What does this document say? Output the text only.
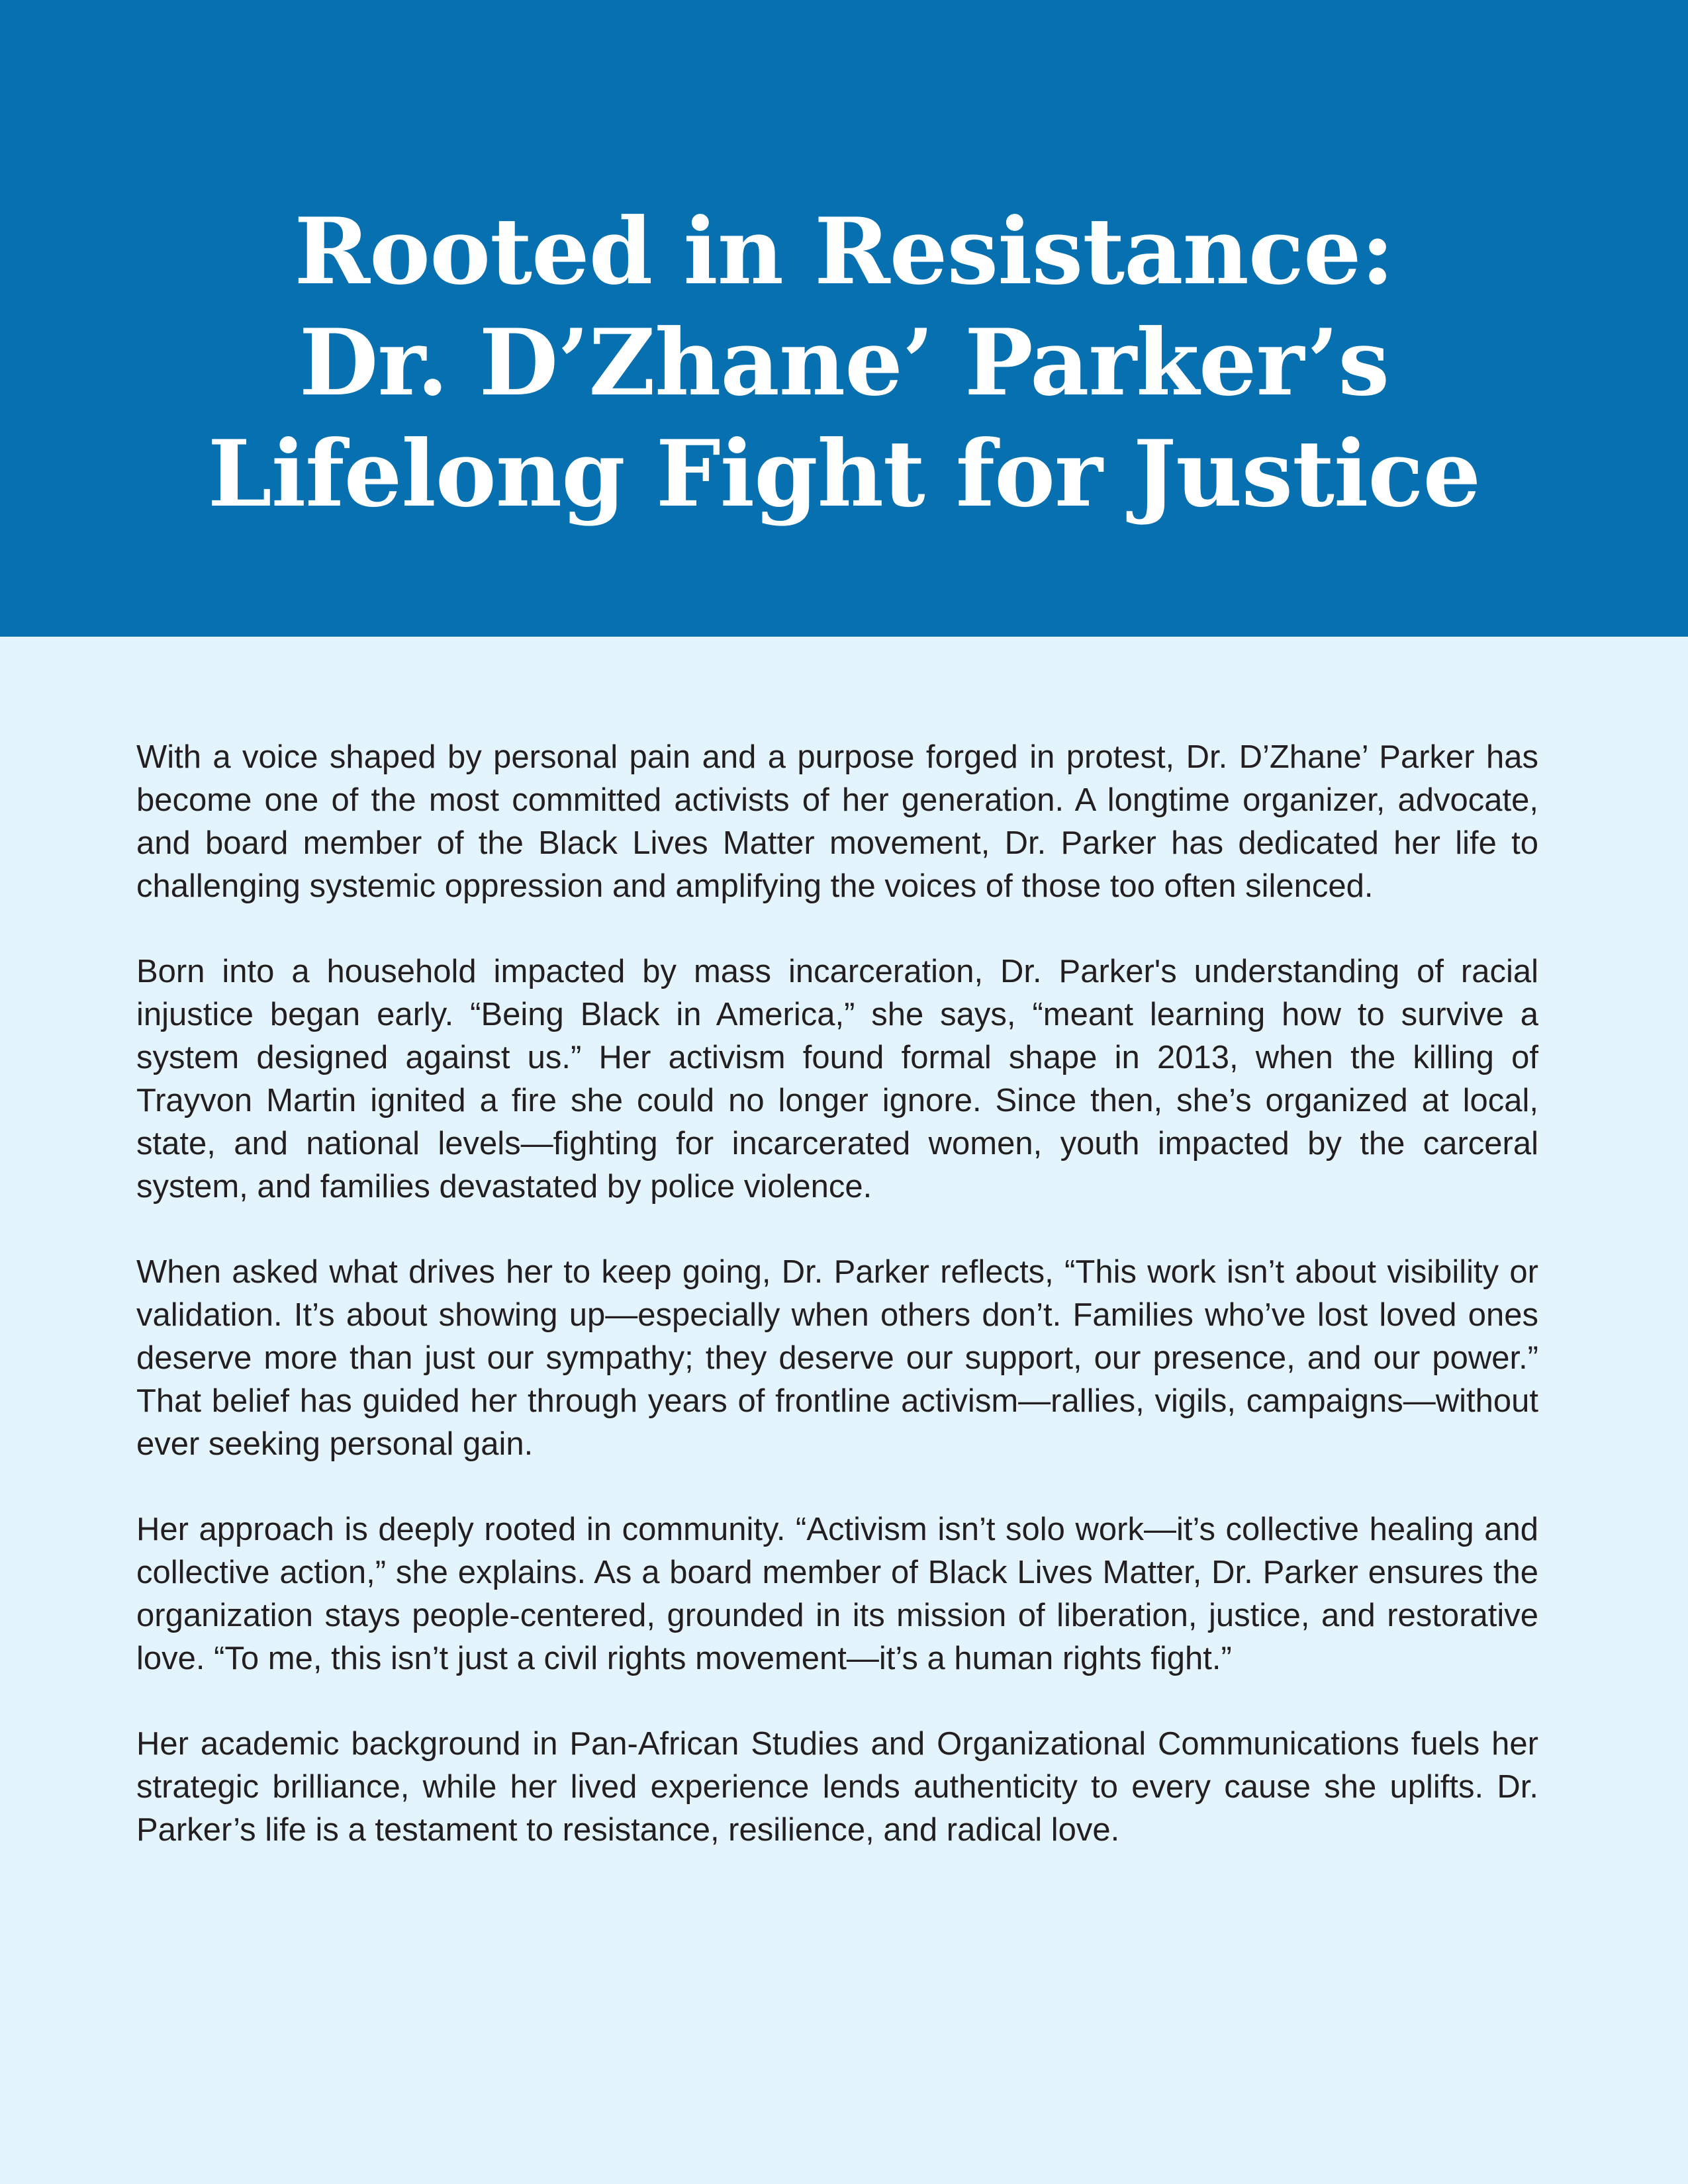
Rooted in Resistance:
Dr. D’Zhane’ Parker’s
Lifelong Fight for Justice

With a voice shaped by personal pain and a purpose forged in protest, Dr. D’Zhane’ Parker has become one of the most committed activists of her generation. A longtime organizer, advocate, and board member of the Black Lives Matter movement, Dr. Parker has dedicated her life to challenging systemic oppression and amplifying the voices of those too often silenced.

Born into a household impacted by mass incarceration, Dr. Parker's understanding of racial injustice began early. “Being Black in America,” she says, “meant learning how to survive a system designed against us.” Her activism found formal shape in 2013, when the killing of Trayvon Martin ignited a fire she could no longer ignore. Since then, she’s organized at local, state, and national levels—fighting for incarcerated women, youth impacted by the carceral system, and families devastated by police violence.

When asked what drives her to keep going, Dr. Parker reflects, “This work isn’t about visibility or validation. It’s about showing up—especially when others don’t. Families who’ve lost loved ones deserve more than just our sympathy; they deserve our support, our presence, and our power.” That belief has guided her through years of frontline activism—rallies, vigils, campaigns—without ever seeking personal gain.

Her approach is deeply rooted in community. “Activism isn’t solo work—it’s collective healing and collective action,” she explains. As a board member of Black Lives Matter, Dr. Parker ensures the organization stays people-centered, grounded in its mission of liberation, justice, and restorative love. “To me, this isn’t just a civil rights movement—it’s a human rights fight.”

Her academic background in Pan-African Studies and Organizational Communications fuels her strategic brilliance, while her lived experience lends authenticity to every cause she uplifts. Dr. Parker’s life is a testament to resistance, resilience, and radical love.
